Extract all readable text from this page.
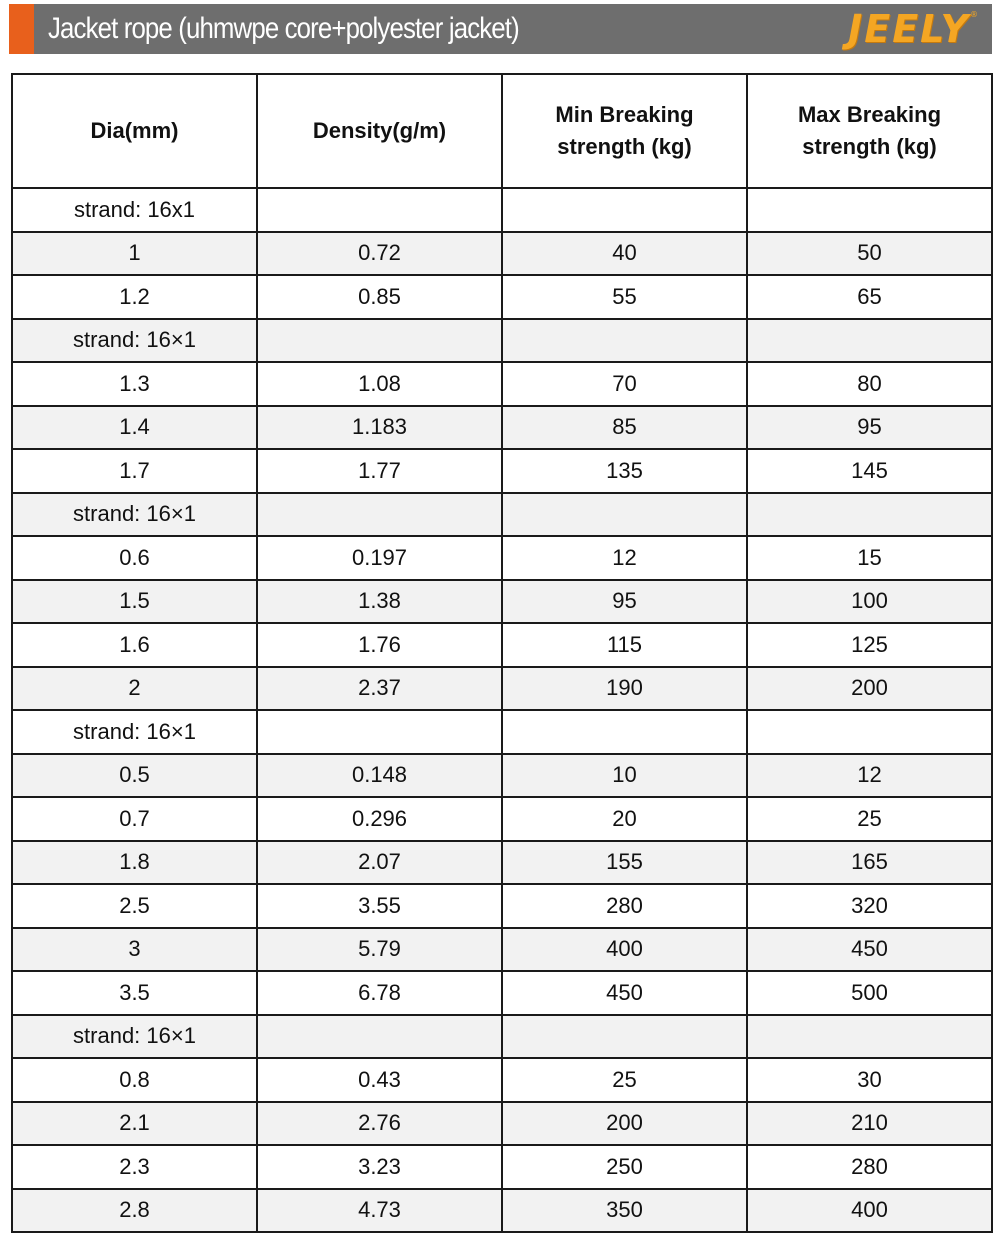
Jacket rope (uhmwpe core+polyester jacket)	JEELY ®
Dia(mm)	Density(g/m)	Min Breaking strength (kg)	Max Breaking strength (kg)
strand: 16x1			
1	0.72	40	50
1.2	0.85	55	65
strand: 16×1			
1.3	1.08	70	80
1.4	1.183	85	95
1.7	1.77	135	145
strand: 16×1			
0.6	0.197	12	15
1.5	1.38	95	100
1.6	1.76	115	125
2	2.37	190	200
strand: 16×1			
0.5	0.148	10	12
0.7	0.296	20	25
1.8	2.07	155	165
2.5	3.55	280	320
3	5.79	400	450
3.5	6.78	450	500
strand: 16×1			
0.8	0.43	25	30
2.1	2.76	200	210
2.3	3.23	250	280
2.8	4.73	350	400
